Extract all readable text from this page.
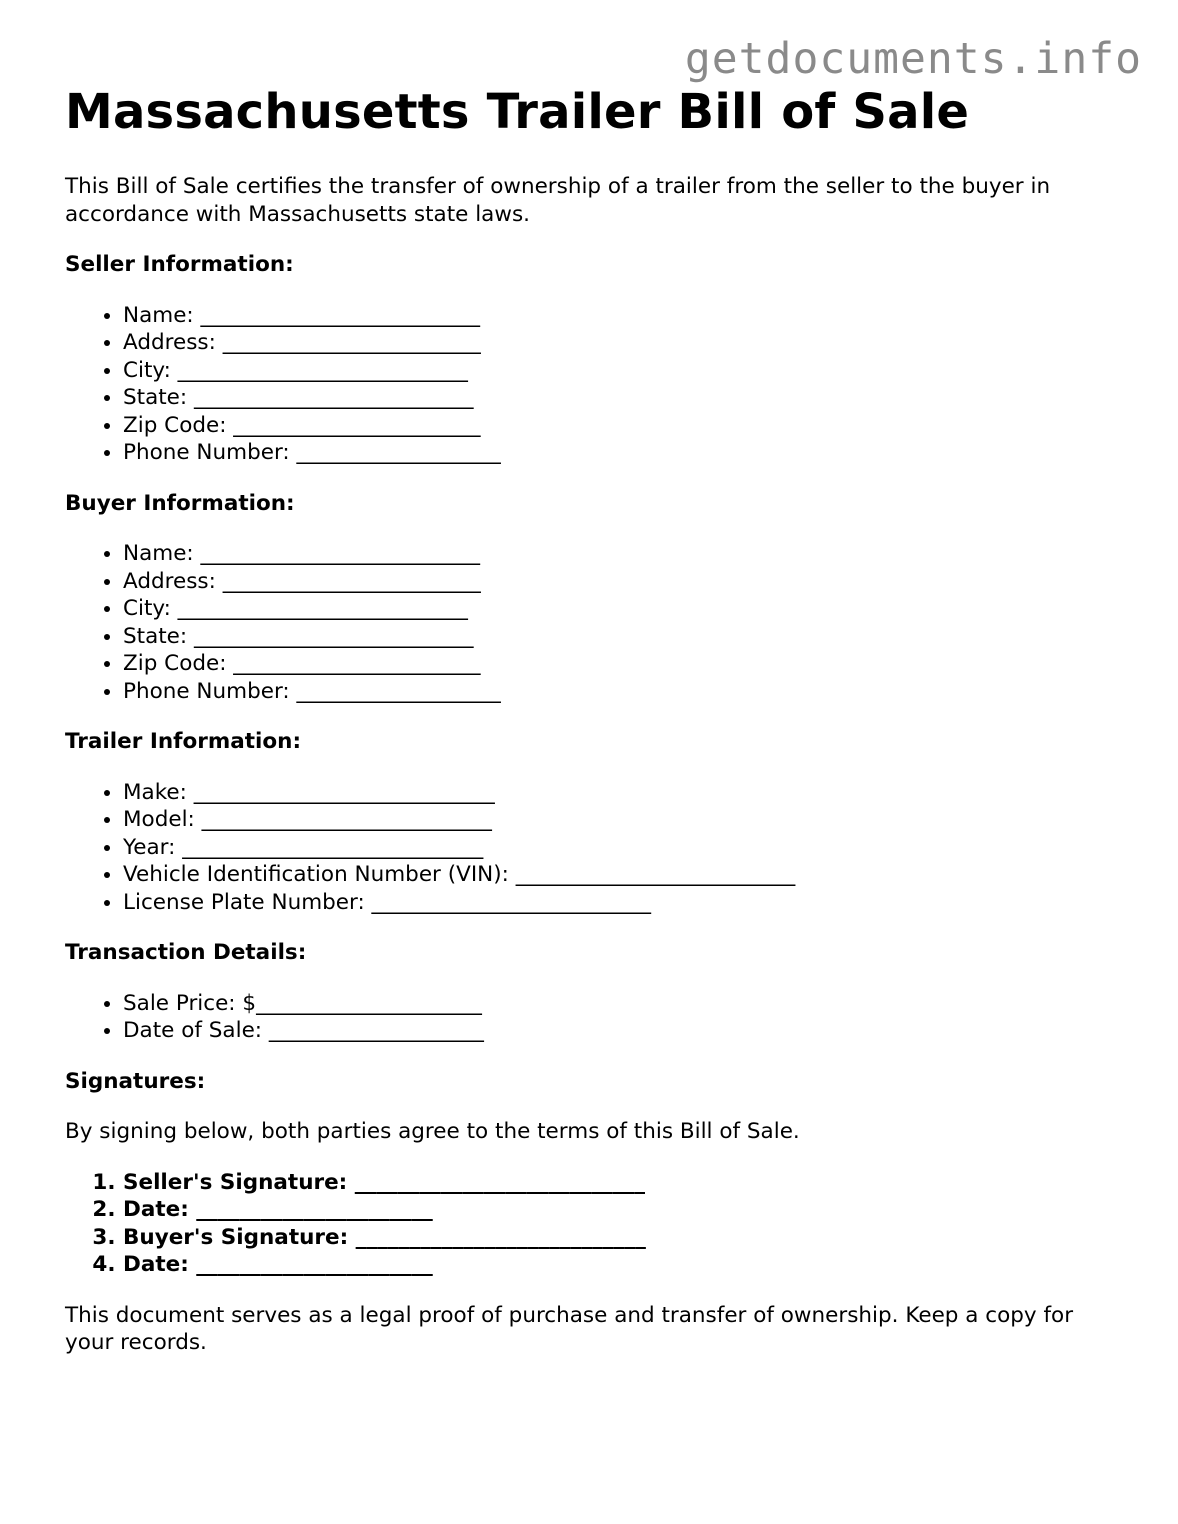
getdocuments.info
Massachusetts Trailer Bill of Sale

This Bill of Sale certifies the transfer of ownership of a trailer from the seller to the buyer in accordance with Massachusetts state laws.

Seller Information:
• Name: __________________________
• Address: ________________________
• City: ___________________________
• State: __________________________
• Zip Code: _______________________
• Phone Number: ___________________
Buyer Information:
• Name: __________________________
• Address: ________________________
• City: ___________________________
• State: __________________________
• Zip Code: _______________________
• Phone Number: ___________________
Trailer Information:
• Make: ____________________________
• Model: ___________________________
• Year: ____________________________
• Vehicle Identification Number (VIN): __________________________
• License Plate Number: __________________________
Transaction Details:
• Sale Price: $_____________________
• Date of Sale: ____________________
Signatures:

By signing below, both parties agree to the terms of this Bill of Sale.

1. Seller's Signature: ___________________________
2. Date: ______________________
3. Buyer's Signature: ___________________________
4. Date: ______________________

This document serves as a legal proof of purchase and transfer of ownership. Keep a copy for your records.
